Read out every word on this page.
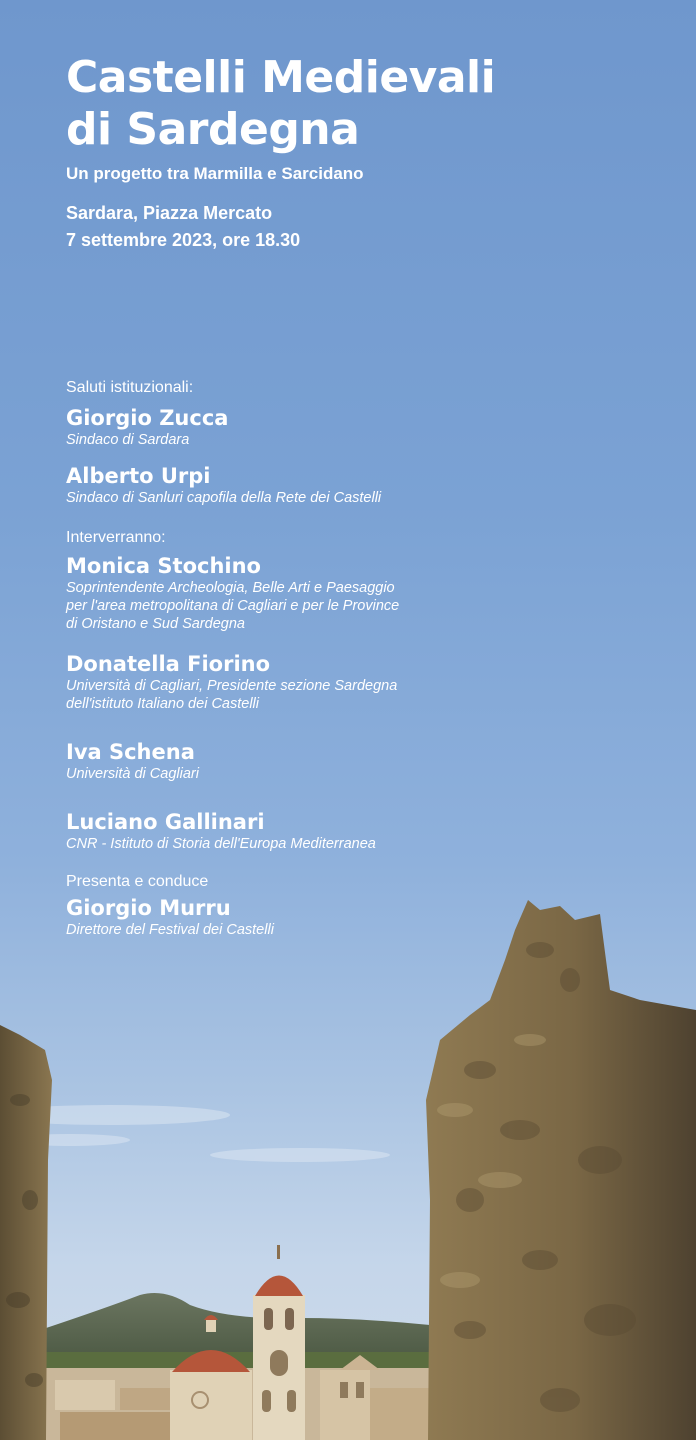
Castelli Medievali
di Sardegna
Un progetto tra Marmilla e Sarcidano
Sardara, Piazza Mercato
7 settembre 2023, ore 18.30
Saluti istituzionali:
Giorgio Zucca
Sindaco di Sardara
Alberto Urpi
Sindaco di Sanluri capofila della Rete dei Castelli
Interverranno:
Monica Stochino
Soprintendente Archeologia, Belle Arti e Paesaggio
per l'area metropolitana di Cagliari e per le Province
di Oristano e Sud Sardegna
Donatella Fiorino
Università di Cagliari, Presidente sezione Sardegna
dell'istituto Italiano dei Castelli
Iva Schena
Università di Cagliari
Luciano Gallinari
CNR - Istituto di Storia dell'Europa Mediterranea
Presenta e conduce
Giorgio Murru
Direttore del Festival dei Castelli
